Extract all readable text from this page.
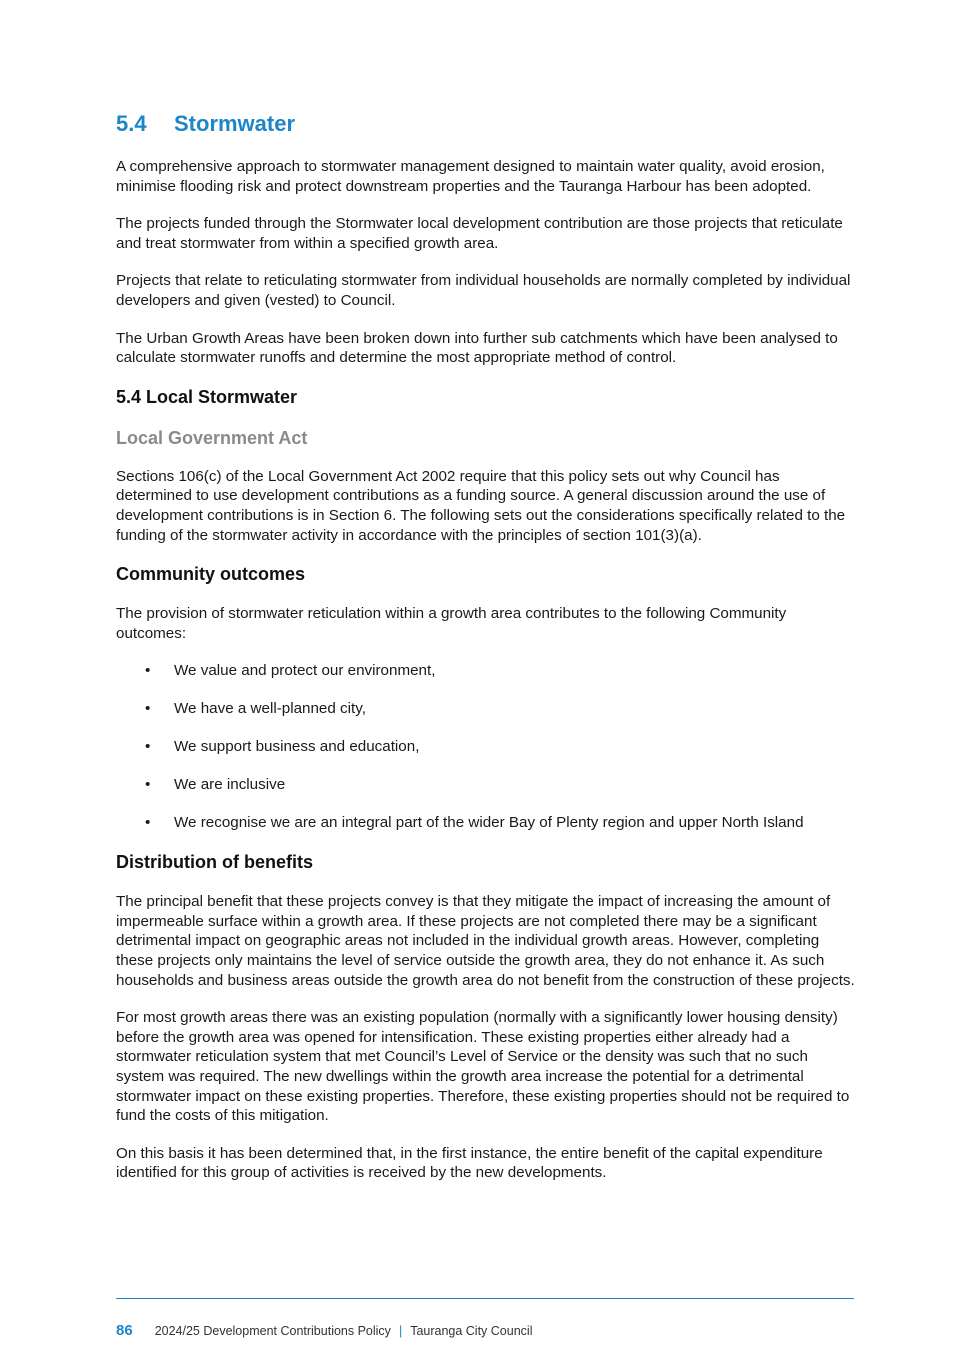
5.4	Stormwater

A comprehensive approach to stormwater management designed to maintain water quality, avoid erosion, minimise flooding risk and protect downstream properties and the Tauranga Harbour has been adopted.

The projects funded through the Stormwater local development contribution are those projects that reticulate and treat stormwater from within a specified growth area.

Projects that relate to reticulating stormwater from individual households are normally completed by individual developers and given (vested) to Council.

The Urban Growth Areas have been broken down into further sub catchments which have been analysed to calculate stormwater runoffs and determine the most appropriate method of control.

5.4 Local Stormwater
Local Government Act

Sections 106(c) of the Local Government Act 2002 require that this policy sets out why Council has determined to use development contributions as a funding source. A general discussion around the use of development contributions is in Section 6. The following sets out the considerations specifically related to the funding of the stormwater activity in accordance with the principles of section 101(3)(a).

Community outcomes

The provision of stormwater reticulation within a growth area contributes to the following Community outcomes:

• We value and protect our environment,
• We have a well-planned city,
• We support business and education,
• We are inclusive
• We recognise we are an integral part of the wider Bay of Plenty region and upper North Island
Distribution of benefits

The principal benefit that these projects convey is that they mitigate the impact of increasing the amount of impermeable surface within a growth area. If these projects are not completed there may be a significant detrimental impact on geographic areas not included in the individual growth areas. However, completing these projects only maintains the level of service outside the growth area, they do not enhance it. As such households and business areas outside the growth area do not benefit from the construction of these projects.

For most growth areas there was an existing population (normally with a significantly lower housing density) before the growth area was opened for intensification. These existing properties either already had a stormwater reticulation system that met Council’s Level of Service or the density was such that no such system was required. The new dwellings within the growth area increase the potential for a detrimental stormwater impact on these existing properties. Therefore, these existing properties should not be required to fund the costs of this mitigation.

On this basis it has been determined that, in the first instance, the entire benefit of the capital expenditure identified for this group of activities is received by the new developments.

86 2024/25 Development Contributions Policy | Tauranga City Council
